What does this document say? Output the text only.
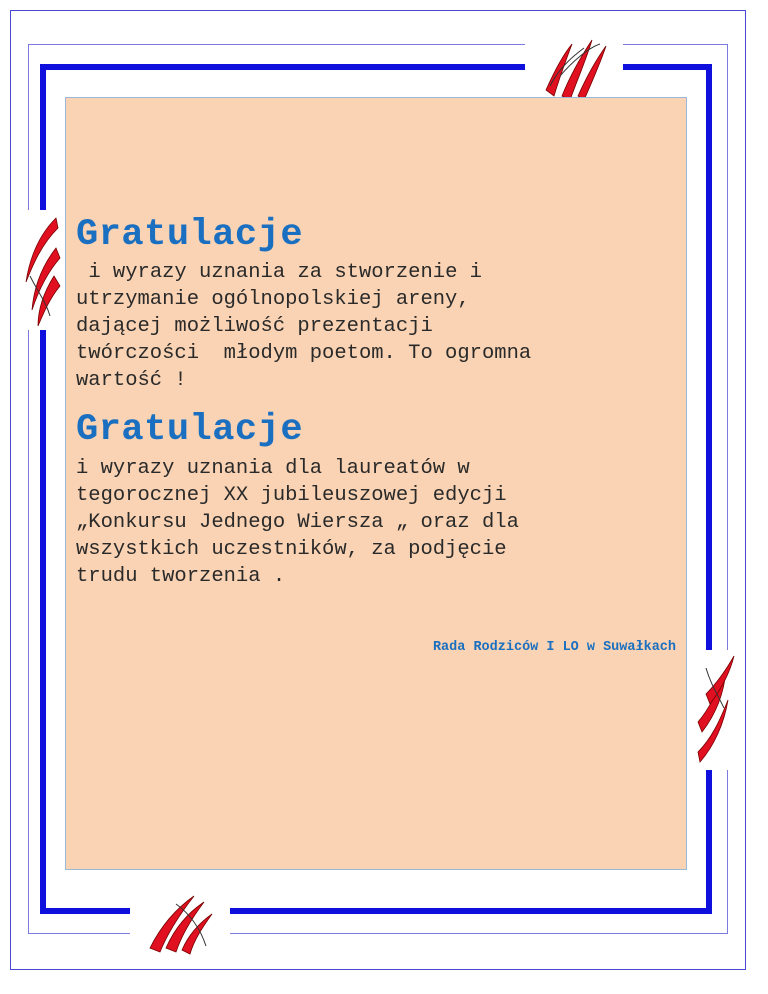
Gratulacje

i wyrazy uznania za stworzenie i
utrzymanie ogólnopolskiej areny,
dającej możliwość prezentacji
twórczości  młodym poetom. To ogromna
wartość !

Gratulacje

i wyrazy uznania dla laureatów w
tegorocznej XX jubileuszowej edycji
„Konkursu Jednego Wiersza „ oraz dla
wszystkich uczestników, za podjęcie
trudu tworzenia .

Rada Rodziców I LO w Suwałkach
